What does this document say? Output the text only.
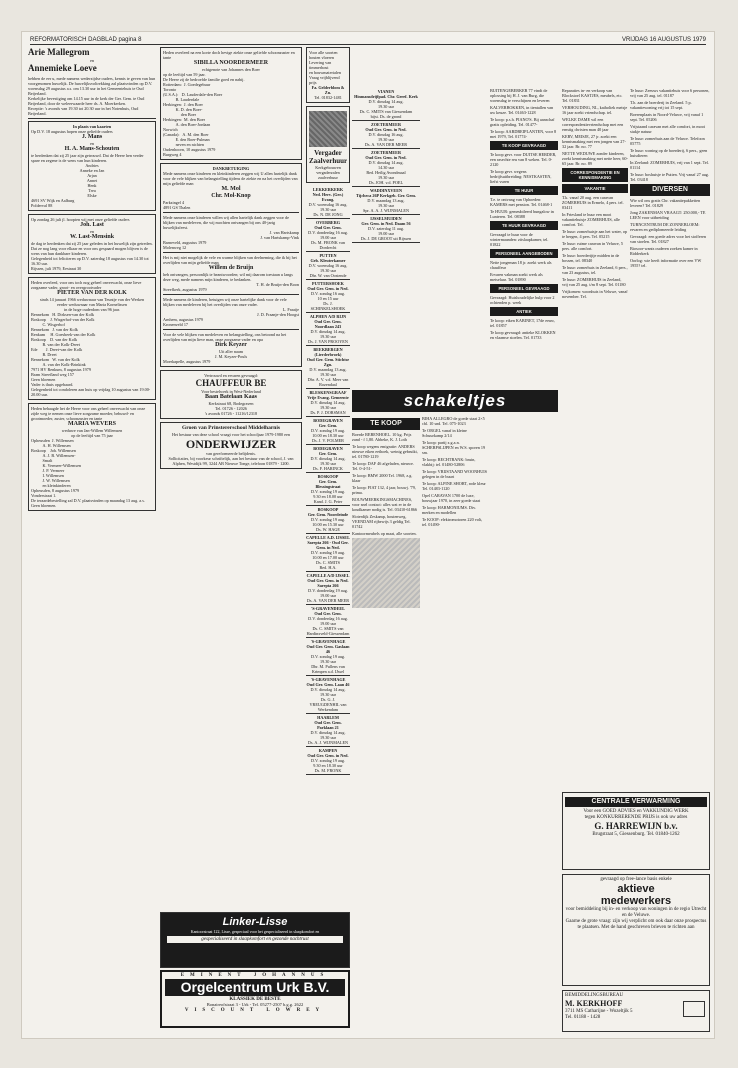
REFORMATORISCH DAGBLAD pagina 8	VRIJDAG 16 AUGUSTUS 1979
Arie Mallegrom
en
Annemieke Loeve
hebben de eer u, mede namens wederzijdse ouders, kennis te geven van hun voorgenomen huwelijk. De huwelijksvoltrekking zal plaatsvinden op D.V. woensdag 29 augustus a.s. om 13.30 uur in het Gemeentehuis te Oud Beijerland.
Kerkelijke bevestiging om 14.15 uur in de kerk der Ger. Gem. te Oud Beijerland, door de weleerwaarde heer ds. A. Moerkerken.
Receptie: 's avonds van 19.30 tot 20.30 uur in het Notenhuis, Oud Beijerland.
In plaats van kaarten
Op D.V. 18 augustus hopen onze geliefde ouders
J. Mans
en
H. A. Mans-Schouten
te herdenken dat zij 25 jaar zijn getrouwd. Dat de Heere hen verder spare en zegene is de wens van hun kinderen.
Andries
Anneke en Jan
Arjan
Annet
Henk
Trea
Elske
4691 SV Wijk en Aalburg
Polderval 88
Op zondag 26 juli jl. hoopten wij met onze geliefde ouders
Joh. Last
en
W. Last-Mensink
de dag te herdenken dat zij 25 jaar geleden in het huwelijk zijn getreden.
Dat ze nog lang voor elkaar en voor ons gespaard mogen blijven is de wens van hun dankbare kinderen.
Gelegenheid tot feliciteren op D.V. zaterdag 18 augustus van 14.30 tot 16.30 uur.
Rijssen, juli 1979, Eestraat 30
Heden overleed, voor ons toch nog geheel onverwacht, onze lieve zorgzame vader, groot- en overgrootvader
PIETER VAN DER KOLK
sinds 14 januari 1966 weduwnaar van Teuntje van der Werken
eerder weduwnaar van Maria Kornelissen
in de hoge ouderdom van 96 jaar.
Bennekom   H. Dirksen-van der Kolk
Boskoop    J. Wisgerhof-van der Kolk
C. Wisgerhof
Bennekom   J. van der Kolk
Renkum     H. Goesbeek-van der Kolk
Boskoop    D. van der Kolk
B. van der Kolk-Dreet
Ede        J. Dreet-van der Kolk
B. Dreet
Bennekom   W. van der Kolk
A. van der Kolk-Brinkink
7971 HV Renkum, 8 augustus 1979
Bram Streefland weg 157
Geen bloemen
Vader is thuis opgebaard.
Gelegenheid tot condoleren aan huis op vrijdag 10 augustus van 19.00-20.00 uur.
Heden behaagde het de Heere voor ons geheel onverwacht van onze zijde weg te nemen onze lieve zorgzame moeder, behuwd- en grootmoeder, zuster, schoonzuster en tante
MARIA WEVERS
weduwe van Jan-Willem Willemsen
op de leeftijd van 75 jaar
Opheusden  J. Willemsen
A. H. Willemsen
Boskoop    Joh. Willemsen
A. J. B. Willemsen-
Smalt
K. Vermeer-Willemsen
J. P. Vermeer
I. Willemsen
J. W. Willemsen
en kleinkinderen
Opheusden, 8 augustus 1979
Vonderstraat 1.
De teraardebestelling zal D.V. plaatsvinden op maandag 13 aug. a.s.
Geen bloemen.
Heden overleed na een korte doch hevige ziekte onze geliefde schoonzuster en tante
SIBILLA NOORDERMEER
echtgenote van Johannes den Boer
op de leeftijd van 59 jaar.
De Heere zij de bedroefde familie goed en nabij.
Rotterdam:  J. Goedegebuur
Toronto
(U.S.A.):   D. Lauderdale-den Boer
B. Lauderdale
Herkingen:  J. den Boer
K. D. den Boer-
den Boer
Herkingen:  M. den Boer
A. den Boer-Jordaan
Norwich
(Canada):   A. M. den Boer
E. den Boer-Pulman
neven en nichten
Oudenhoorn, 10 augustus 1979
Burgweg 4
DANKBETUIGING
Mede namens onze kinderen en kleinkinderen zeggen wij U allen hartelijk dank voor de vele blijken van belangstelling tijdens de ziekte en na het overlijden van mijn geliefde man
M. Mol
Chr. Mol-Knop
Parkzingel 4
4891 GS Thalen
Mede namens onze kinderen willen wij allen hartelijk dank zeggen voor de blijken van medeleven, die wij mochten ontvangen bij ons 40-jarig huwelijksfeest.
J. van Hartskamp
J. van Hartskamp-Vink
Barneveld, augustus 1979
Molenweg 12
Het is mij niet mogelijk de vele en warme blijken van deelneming, die ik bij het overlijden van mijn geliefde man
Willem de Bruijn
heb ontvangen, persoonlijk te beantwoorden; wil mij daarom toestaan u langs deze weg, mede namens mijn kinderen, te bedanken.
T. H. de Bruijn-den Boon
Streefkerk, augustus 1979
Mede namens de kinderen, betuigen wij onze hartelijke dank voor de vele blijken van medeleven bij het overlijden van onze vader.
L. Fraaije
J. D. Fraanje-den Hoogst
Arnhem, augustus 1979
Kronenveld 17
Voor de vele blijken van medeleven en belangstelling, ons betoond na het overlijden van mijn lieve man, onze zorgzame vader en opa
Dirk Keyzer
Uit aller naam
J. M. Keyzer-Pouls
Moerkapelle, augustus 1979
Vertrouwd en ervaren gevraagd:
CHAUFFEUR BE
Voor bestelwerk in West-Nederland
Baan Batelaan Kaas
Kerkstraat 68, Bodegraven
Tel. 01726 - 12026
's avonds 01726 - 11216/12318
Groen van Prinstererschool Middelharnis
Het bestuur van deze school vraagt voor het schooljaar 1979-1980 een
ONDERWIJZER
van gereformeerde belijdenis.
Sollicitaties, bij voorkeur schriftelijk, aan het bestuur van de school, J. van Alphen, Westdijk 99, 3244 AB Nieuwe Tonge, telefoon 01879 - 1200.
Voor alle soorten houten vloeren
Levering van timmerhout
en bouwmaterialen
Vraag vrijblijvend prijs
Fa. Gelderblom & Zn.
Tel. 01832-1481
Vergader Zaalverhuur
Kerkgebouwen
vergaderzalen
zaalverhuur
LEKKERKERK
Ned. Herv. (Ger.) Evang.
D.V. woensdag 16 aug. 19.30 uur
Ds. N. DE JONG
OVERBERG
Oud Ger. Gem.
D.V. donderdag 16 aug. 19.00 uur
Ds. M. FRONK van Dordrecht
PUTTEN
Geb. Kleuterkamer
D.V. woensdag 16 aug. 19.30 uur
Dhr. W. van Oostende
PUTTERSHOEK
Oud Ger. Gem. in Ned.
D.V. zondag 16 aug.
10 en 15 uur
Ds. J. SCHINKELSHOEK
ALPHEN A/D RIJN
Oud Ger. Gem. Noordlaan 243
D.V. dinsdag 14 aug. 19.30 uur
Ds. J. VAN PROOYEN
BEEKBERGEN (Lierderbroek)
Oud Ger. Gem. Stichtse Zgn.
D.V. maandag 13 aug. 19.30 uur
Dhr. A. V. v.d. Meer van Rozendaal
BLESKENSGRAAF
Vrije Evang. Gemeente
D.V. dinsdag 14 aug. 19.30 uur
Ds. P. J. DORSMAN
BODEGRAVEN
Ger. Gem.
D.V. zondag 19 aug.
10.00 en 18.30 uur
Ds. J. V. FOLMER
BODEGRAVEN
Ger. Gem.
D.V. dinsdag 14 aug. 19.30 uur
Ds. F. HARINCK
BOSKOOP
Ger. Gem. Blessingstraat
D.V. zondag 19 aug.
9.30 en 18.00 uur
Kand. J. G. Peter
BOSKOOP
Ger. Gem. Noordeinde
D.V. zondag 19 aug.
10.00 en 15.30 uur
Ds. W. HAGE
CAPELLE A.D. IJSSEL
Sarepta 266 - Oud Ger. Gem. in Ned.
D.V. zondag 19 aug.
10.00 en 17.00 uur
Ds. C. SMITS
Bed. H.A.
CAPELLE A/D IJSSEL
Oud Ger. Gem. in Ned. Sarepta 266
D.V. donderdag 19 aug.
19.00 uur
Ds. A. VAN DER MEER
'S-GRAVENDEEL
Oud Ger. Gem.
D.V. donderdag 16 aug.
19.00 uur
Ds. C. SMITS van Hardinxveld-Giessendam
'S-GRAVENHAGE
Oud Ger. Gem. Gaslaan 46
D.V. zondag 19 aug.
19.30 uur
Dhr. M. Pullens van Krimpen a.d. IJssel
'S-GRAVENHAGE
Oud Ger. Gem. Laan 46
D.V. dinsdag 14 aug.
19.30 uur
Ds. G. J. VREUGDENHIL van Werkendam
HAARLEM
Oud Ger. Gem. Parklaan 21
D.V. dinsdag 14 aug.
19.30 uur
Ds. A. J. WIJNMALEN
KAMPEN
Oud Ger. Gem. in Ned.
D.V. zondag 19 aug.
9.30 en 18.30 uur
Ds. M. FRONK
VIANEN
Hinmansdrijfpad. Chr. Geref. Kerk
D.V. dinsdag 14 aug.
19.30 uur
Ds. C. SMITS van Giessendam
bijst. Ds. de grond
ZOETERMEER
Oud Ger. Gem. in Ned.
D.V. dinsdag 16 aug.
19.30 uur
Ds. A. VAN DER MEER
ZOETERMEER
Oud Ger. Gem. in Ned.
D.V. dinsdag 14 aug.
14.30 uur
Bed. Heilig Avondmaal
19.30 uur
Ds. JOH. v.d. POEL
WADDINXVEEN
Tijcheca 26P Kerkgeb. Ger. Gem.
D.V. maandag 13 aug.
19.30 uur
Spr. A. A. J. WIJNMALEN
IJSSELMUIDEN
Ger. Gem. in Ned. Daam 56
D.V. zaterdag 11 aug.
19.00 uur
Ds. J. DE GROOT uit Rijssen
schakeltjes
TE KOOP
Boerde REBENHOEL. 10 kg. Prijs zand - f 1,80. Abbeke, K. J. Loth
Te koop wegens emigratie: ANDERS nieuwe eiken eethoek, weinig gebruikt, tel. 01780-1219
Te koop: DAF 46 afgeladen, nieuwe. Tel. 0-4-51-
Te koop: BMW 2000 Tel. 1968, z.g. klaar
Te koop: FIAT 132, 4 jaar, bouwj. '79, prima.
BOUWMEERKINGSMACHINES, voor snel contact: alles wat er in de koudkamer nodig is. Tel. 03410-61866
Sloterdijk Zeskamp, houtenweg, VEENDAM rijbewijs 3 geldig Tel. 01742
Kantoormeubels op maat, alle soorten.
BIHA ALLEGRO de goede staat 2×5 cbl. 10 snd. Tel. 075-1023
Te ORGEL vanaf in kleine Schuurkamp 2/14
Te koop: partij z.g.a.n. SCHERPSLIJPEN en W.S. sporen 19 sm.
Te koop: RECHTBANK: bruin, vlakbij: tel. 01480-52806
Te koop: VRIJSTAAND WOONHUIS gelegen in de buurt
Te koop: ALPINE SHORT, rode kleur Tel. 01483-1120
Opel CARAVAN 1700 de luxe, bouwjaar 1970, in zeer goede staat
Te koop: HARMONIUMS. Div. merken en modellen
Te KOOP: elektromotoren 220 volt, tel. 01490-
BUITENGEBERKER 77 vindt de oplossing bij H. J. van Burg, die woensdag te verschijnen en leveren
KALVERBOKKEN, in tientallen van uw keuze. Tel. 01463-1228
Te koop: p.s.h. PIANO'S. Bij aanschaf gratis opleiding. Tel. 01477-
Te koop: AARDBEIPLANTEN, voor 8 mei 1979, Tel. 01774-
TE KOOP GEVRAAGD
Te koop gevr. voor DUITSE HERDER, een rasechte reu van 8 weken. Tel. 0-2120
Te koop gevr. wegens bedrijfsuitbreiding: NESTKASTEN, liefst vuren
TE HUUR
T.e. te ontvang van Ophoeden: KAMERS met pension. Tel. 01468-1
Te HUUR: gemeubileerd bungalow in Lunteren. Tel. 08388
TE HUUR GEVRAAGD
Gevraagd te huur voor de wintermaanden: zitslaapkamer, tel. 01822
PERSONEEL AANGEBODEN
Nette jongeman 18 jr. zoekt werk als chauffeur
Ervaren vakman zoekt werk als metselaar. Tel. 01890
PERSONEEL GEVRAAGD
Gevraagd: Huishoudelijke hulp voor 2 ochtenden p. week
ANTIEK
Te koop: eiken KABINET, 17de eeuw, tel. 01857
Te koop gevraagd: antieke KLOKKEN en vlaamse stoelen. Tel. 01733
Reparaties in- en verkoop van Blockstoel KASTJES, meubels, etc. Tel. 01831
VERHOUDING, NL, katholiek meisje 16 jaar zoekt vriendschap. tel.
WELKE DAME wil een correspondentievriendschap met een ernstig christen man 40 jaar
KERV, MEISJE, 27 jr. zoekt een kennismaking met een jongen van 27-32 jaar. Br. no. 77
NETTE WEDUWE zonder kinderen, zoekt kennismaking met nette heer, 60-65 jaar. Br. no. 89
CORRESPONDENTIE EN KENNISMAKING
VAKANTIE
T.k. vanaf 20 aug. een caravan ZOMERHUIS in Ermelo, 4 pers. tel. 03411
In Friesland te huur een mooi vakantiehuisje ZOMERHUIS, alle comfort. Tel.
Te huur: zomerhuisje aan het water, op te bergen, 4 pers. Tel. 05215
Te huur: ruime caravan in Veluwe, 5 pers. alle comfort.
Te huur: boerderijtje midden in de bossen, tel. 08340
Te huur: zomerhuis in Zeeland, 6 pers., van 23 augustus, tel.
Te huur: ZOMERHUIS in Zeeland, vrij van 25 aug. t/m 8 sept. Tel. 01180
Vrijkomen: woonhuis in Veluwe, vanaf november. Tel.
Te huur: Zeeuws vakantiehuis voor 6 personen, vrij van 25 aug. tel. 01187
T.h. aan de boerderij in Zeeland. 5 p. vakantiewoning vrij tot 15 sept.
Boerenplaats in Noord-Veluwe, vrij vanaf 1 sept. Tel. 05206
Vrijstaand caravan met alle comfort, in mooi stukje natuur
Te huur: zomerhuis aan de Veluwe. Telefoon 05775
Te huur: woning op de boerderij, 6 pers., geen huisdieren
In Zeeland: ZOMERHUIS, vrij van 1 sept. Tel. 01114
Te huur: boshuisje te Putten. Vrij vanaf 27 aug. Tel. 03418
DIVERSEN
Wie wil ons gratis Chr. vakantiepakketten leveren? Tel. 01829
Jong ZAKENMAN VRAAGT: 250.000,- TE LEEN voor uitbreiding
TURNCENTRUM DE ZONNEBLOEM: ervaren en gediplomeerde leiding
Gevraagd: een goede adres voor het stofferen van stoelen. Tel. 01827
Biosoor-wants ouderen zoeken kamer in Ridderkerk
Oorlog: wie heeft informatie over een VW 1955? tel.
CENTRALE VERWARMING
Voor een GOED ADVIES en VAKKUNDIG WERK
tegen KONKURRERENDE PRIJS is ook uw adres
G. HARREWIJN b.v.
Brugstraat 5, Giessenburg. Tel. 01840-1262
gevraagd op free-lance basis enkele
aktieve
medewerkers
voor bemiddeling bij in- en verkoop van woningen in de regio Utrecht en de Veluwe.
Gaarne de grote vraag: zijn wij verplicht om ook daar onze prospectus te plaatsen. Met de hand geschreven brieven te richten aan
BEMIDDELINGSBUREAU
M. KERKHOFF
3711 MS Catharijne - Wozeltjik 5
Tel. 01188 - 1428
Linker-Lisse
Kantoorstraat 122, Lisse, gespeciaal voor het gespecialiseerd in slaapkomfort en
gespecialiseerd in slaapkomfort en gezonde nachtrust
EMINENT JOHANNUS
Orgelcentrum Urk B.V.
KLASSIEK DE BESTE
Bonaireofstraat 3 - Urk - Tel. 05277-2507 b.g.g. 2622
VISCOUNT LOWREY
